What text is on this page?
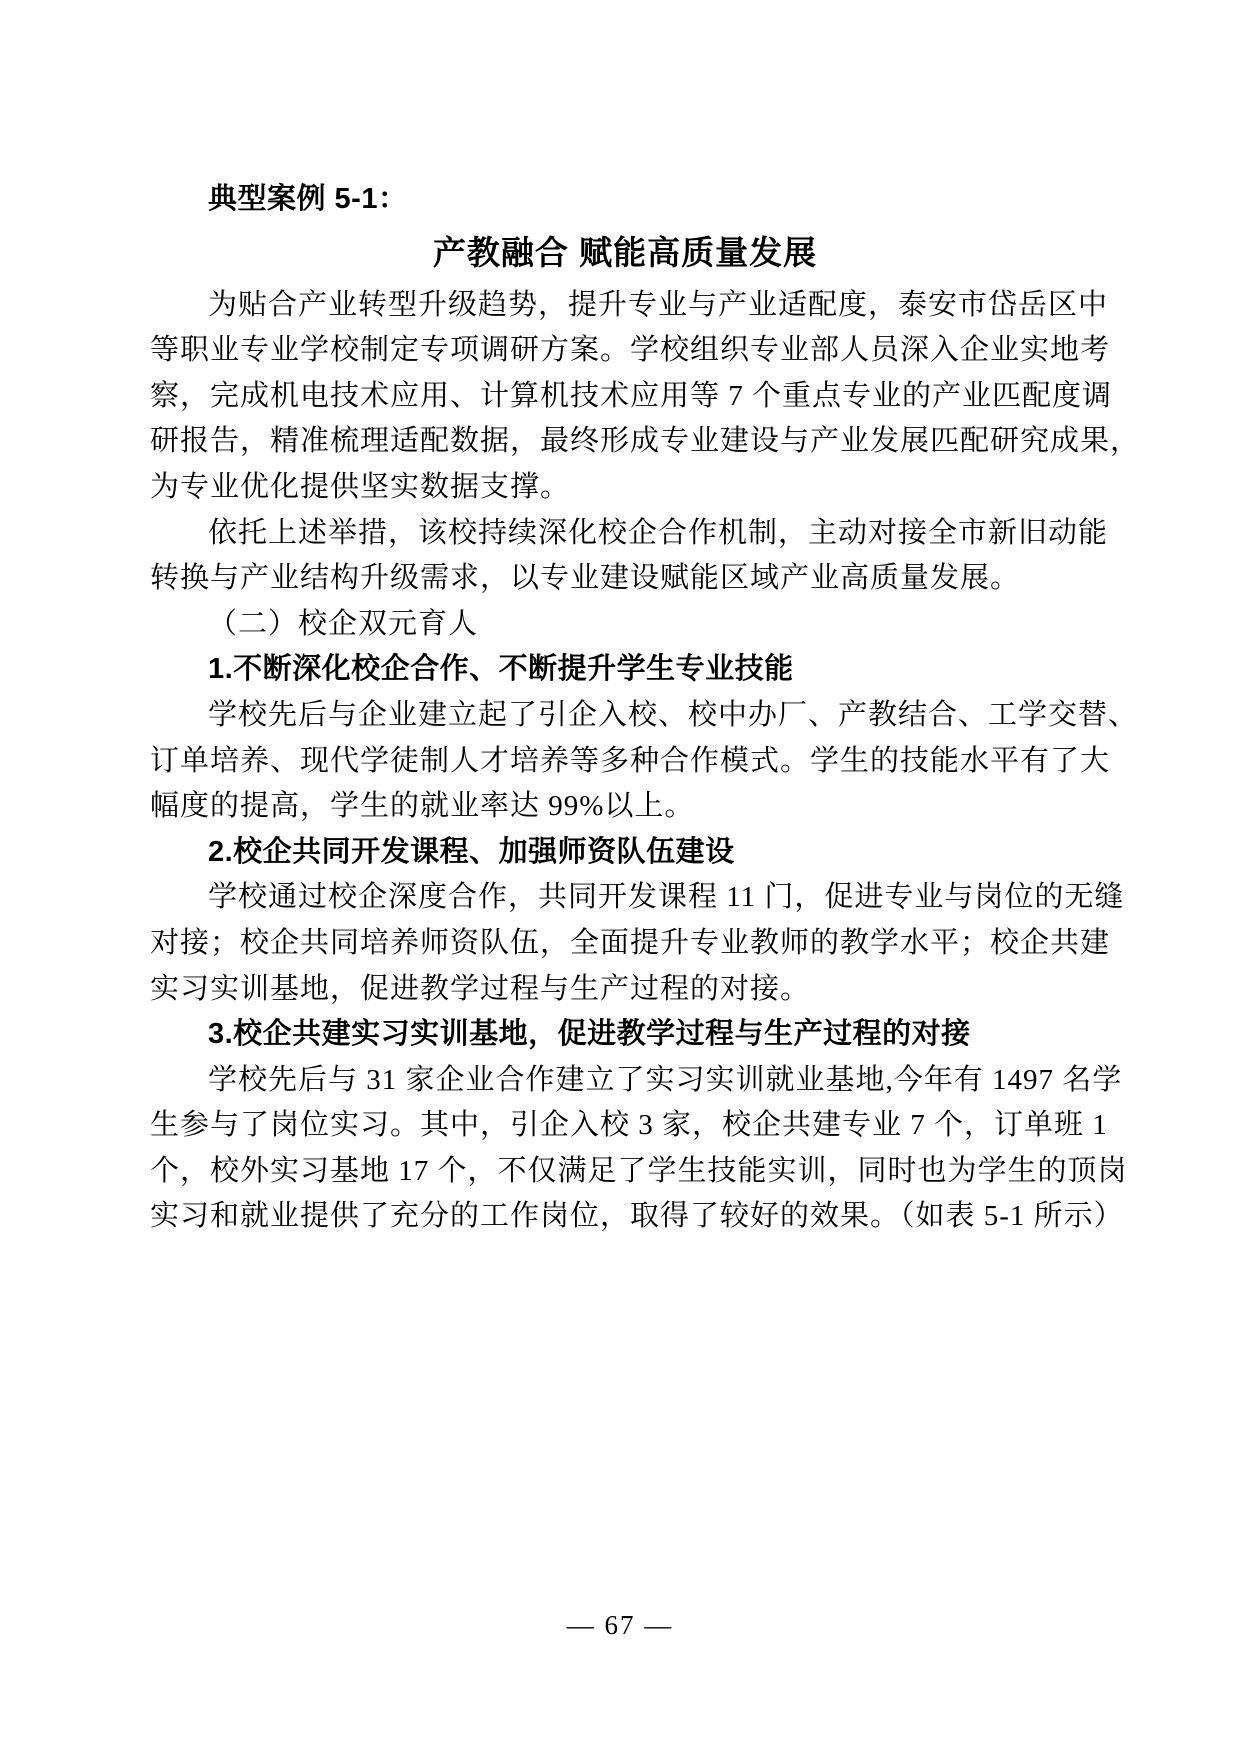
典型案例 5-1：
产教融合 赋能高质量发展
为贴合产业转型升级趋势，提升专业与产业适配度，泰安市岱岳区中
等职业专业学校制定专项调研方案。学校组织专业部人员深入企业实地考
察，完成机电技术应用、计算机技术应用等 7 个重点专业的产业匹配度调
研报告，精准梳理适配数据，最终形成专业建设与产业发展匹配研究成果，
为专业优化提供坚实数据支撑。
依托上述举措，该校持续深化校企合作机制，主动对接全市新旧动能
转换与产业结构升级需求，以专业建设赋能区域产业高质量发展。
（二）校企双元育人
1.不断深化校企合作、不断提升学生专业技能
学校先后与企业建立起了引企入校、校中办厂、产教结合、工学交替、
订单培养、现代学徒制人才培养等多种合作模式。学生的技能水平有了大
幅度的提高，学生的就业率达 99%以上。
2.校企共同开发课程、加强师资队伍建设
学校通过校企深度合作，共同开发课程 11 门，促进专业与岗位的无缝
对接；校企共同培养师资队伍，全面提升专业教师的教学水平；校企共建
实习实训基地，促进教学过程与生产过程的对接。
3.校企共建实习实训基地，促进教学过程与生产过程的对接
学校先后与 31 家企业合作建立了实习实训就业基地,今年有 1497 名学
生参与了岗位实习。其中，引企入校 3 家，校企共建专业 7 个，订单班 1
个，校外实习基地 17 个，不仅满足了学生技能实训，同时也为学生的顶岗
实习和就业提供了充分的工作岗位，取得了较好的效果。（如表 5-1 所示）
— 67 —
